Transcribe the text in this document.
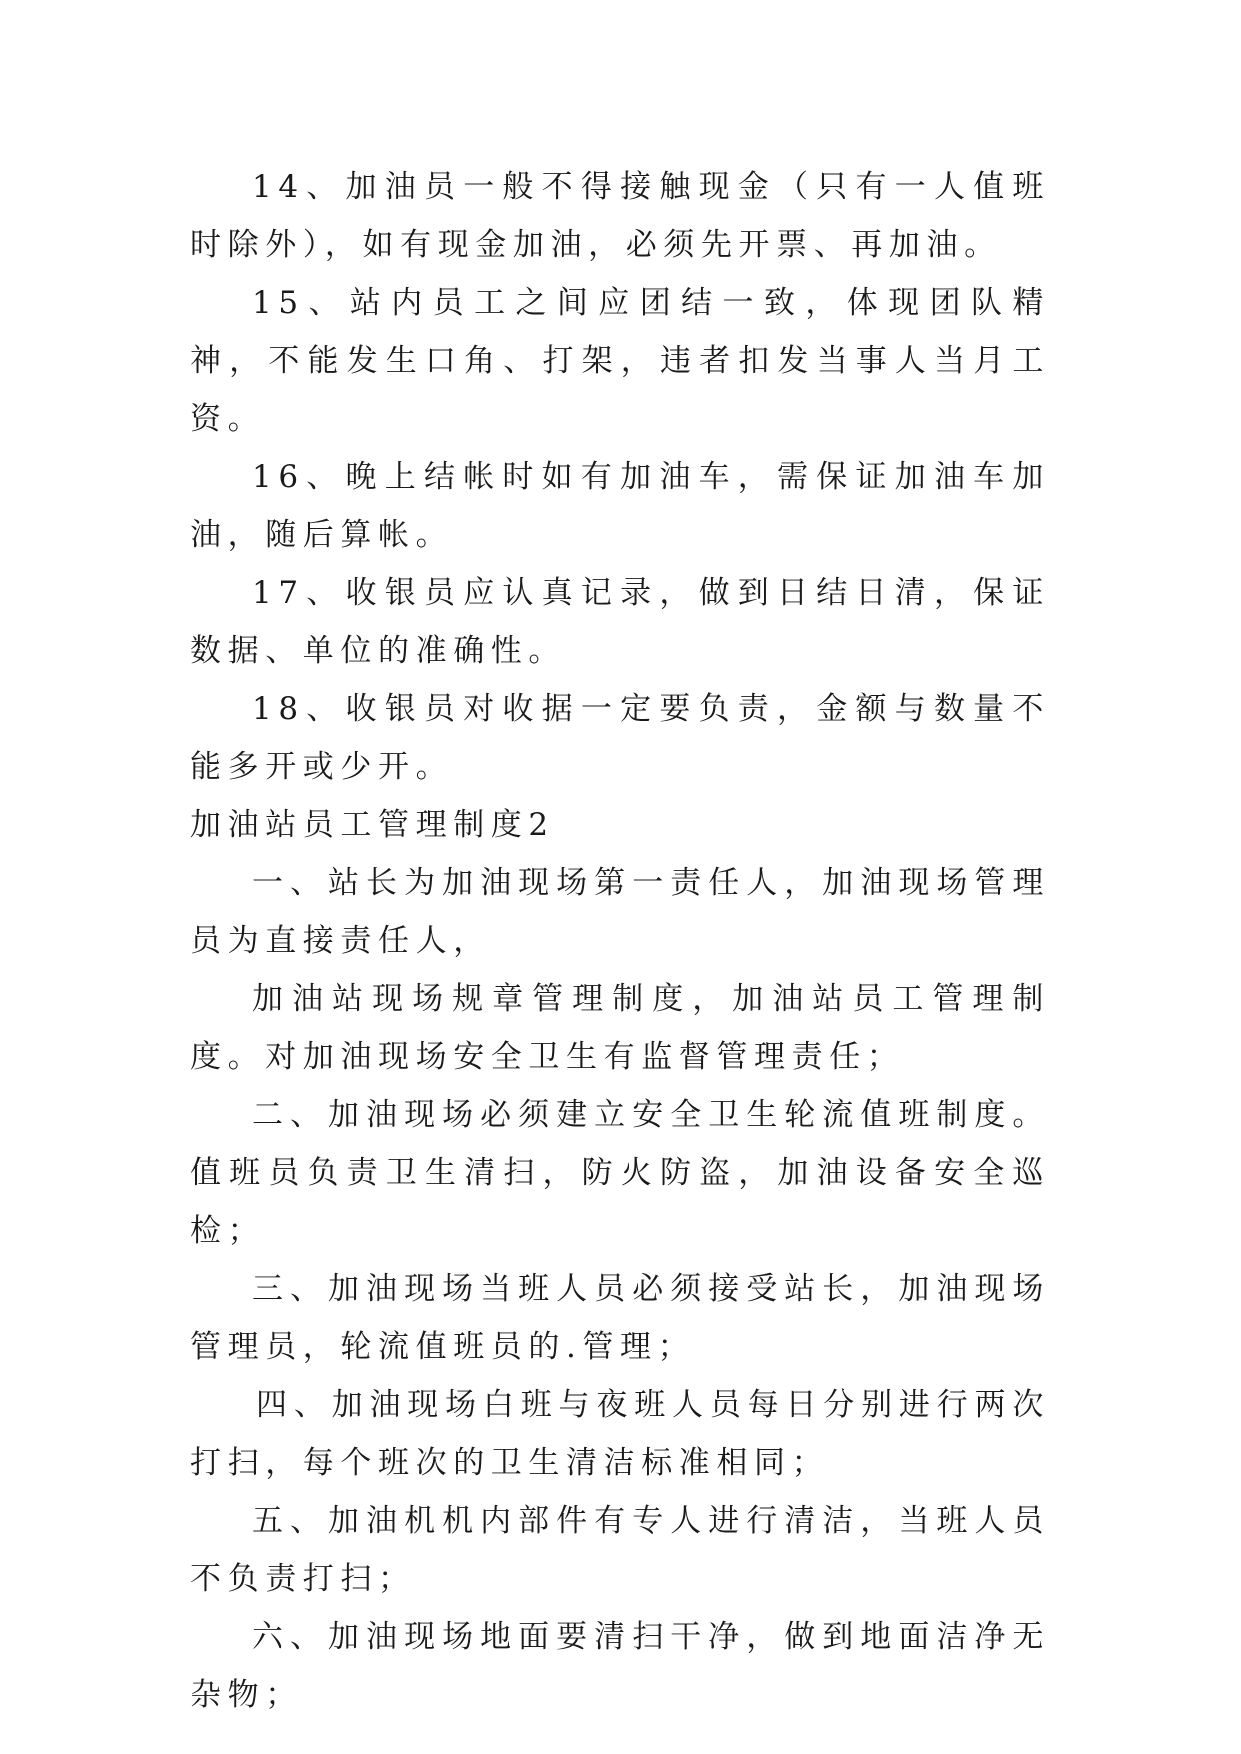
14、加油员一般不得接触现金（只有一人值班时除外），如有现金加油，必须先开票、再加油。

15、站内员工之间应团结一致，体现团队精神，不能发生口角、打架，违者扣发当事人当月工资。

16、晚上结帐时如有加油车，需保证加油车加油，随后算帐。

17、收银员应认真记录，做到日结日清，保证数据、单位的准确性。

18、收银员对收据一定要负责，金额与数量不能多开或少开。

加油站员工管理制度2

一、站长为加油现场第一责任人，加油现场管理员为直接责任人，

加油站现场规章管理制度，加油站员工管理制度。对加油现场安全卫生有监督管理责任；

二、加油现场必须建立安全卫生轮流值班制度。值班员负责卫生清扫，防火防盗，加油设备安全巡检；

三、加油现场当班人员必须接受站长，加油现场管理员，轮流值班员的.管理；

四、加油现场白班与夜班人员每日分别进行两次打扫，每个班次的卫生清洁标准相同；

五、加油机机内部件有专人进行清洁，当班人员不负责打扫；

六、加油现场地面要清扫干净，做到地面洁净无杂物；
